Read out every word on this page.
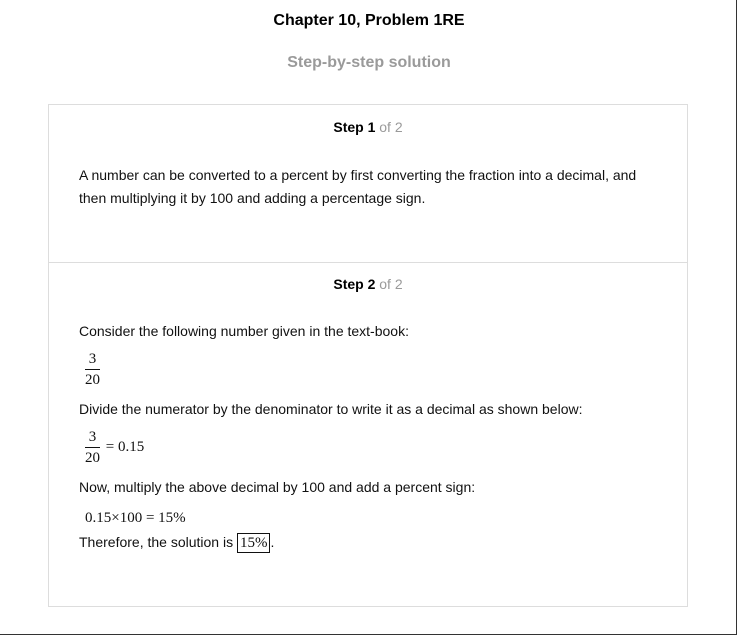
Chapter 10, Problem 1RE
Step-by-step solution
Step 1 of 2
A number can be converted to a percent by first converting the fraction into a decimal, and then multiplying it by 100 and adding a percentage sign.
Step 2 of 2
Consider the following number given in the text-book:
$\frac{3}{20}$
Divide the numerator by the denominator to write it as a decimal as shown below:
$\frac{3}{20} = 0.15$
Now, multiply the above decimal by 100 and add a percent sign:
0.15×100 = 15%
Therefore, the solution is 15% .
